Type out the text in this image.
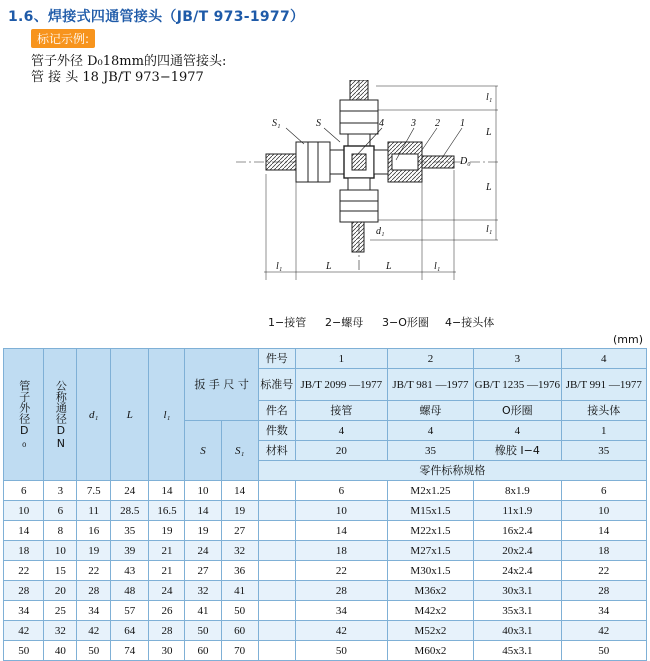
1.6、焊接式四通管接头（JB/T 973-1977）
标记示例:
管子外径 D₀18mm的四通管接头:
管 接 头 18 JB/T 973−1977
S₁	S	4	3 2 1
l₁
L
D₀
L
l₁
d₁
l₁	L	L	l₁
1−接管 2−螺母 3−O形圈 4−接头体
(mm)
管子外径D₀	公称通径DN	d₁	L	l₁	扳 手 尺 寸		件号	1	2	3	4
							标准号	JB/T 2099 —1977	JB/T 981 —1977	GB/T 1235 —1976	JB/T 991 —1977
							件名	接管	螺母	O形圈	接头体
					S	S₁	件数	4	4	4	1
							材料	20	35	橡胶 I−4	35
							零件标称规格				
6	3	7.5	24	14	10	14		6	M2x1.25	8x1.9	6
10	6	11	28.5	16.5	14	19		10	M15x1.5	11x1.9	10
14	8	16	35	19	19	27		14	M22x1.5	16x2.4	14
18	10	19	39	21	24	32		18	M27x1.5	20x2.4	18
22	15	22	43	21	27	36		22	M30x1.5	24x2.4	22
28	20	28	48	24	32	41		28	M36x2	30x3.1	28
34	25	34	57	26	41	50		34	M42x2	35x3.1	34
42	32	42	64	28	50	60		42	M52x2	40x3.1	42
50	40	50	74	30	60	70		50	M60x2	45x3.1	50
